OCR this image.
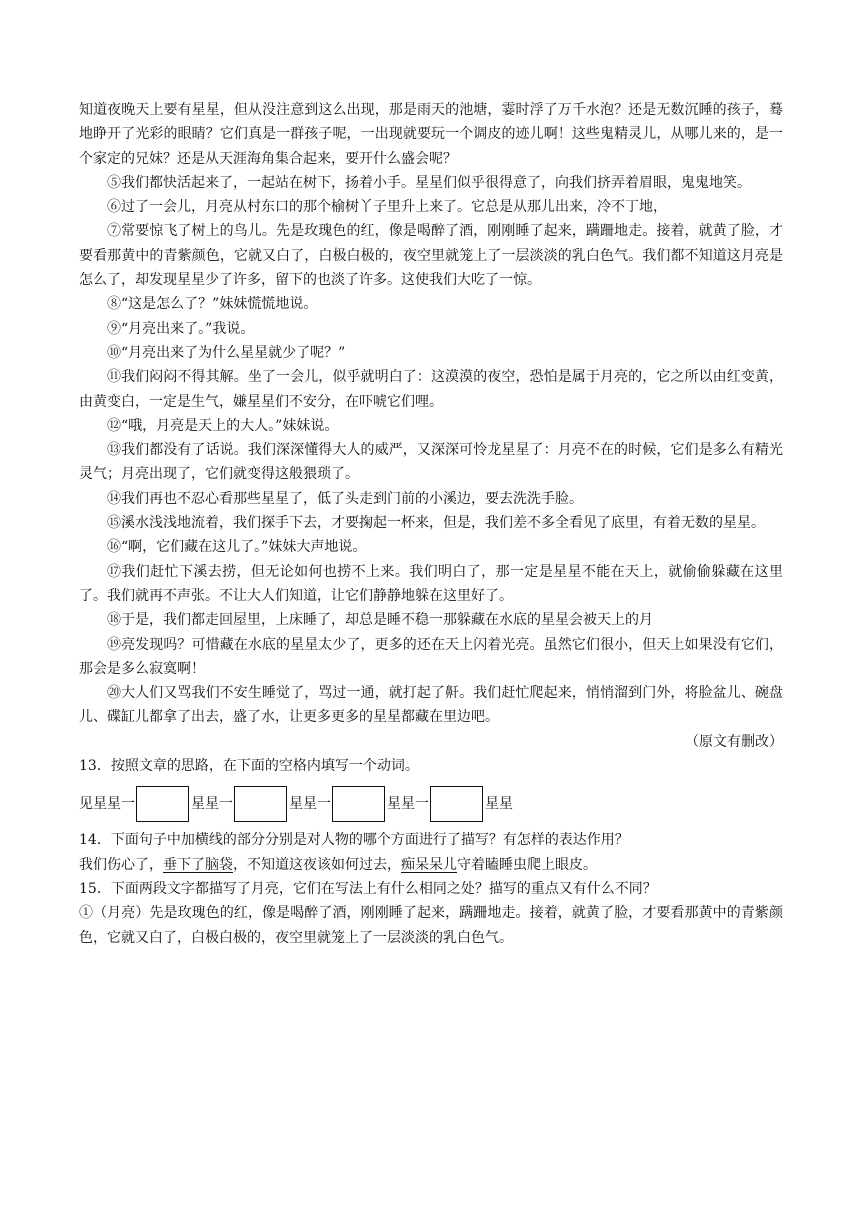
知道夜晚天上要有星星，但从没注意到这么出现，那是雨天的池塘，霎时浮了万千水泡？还是无数沉睡的孩子，蓦地睁开了光彩的眼睛？它们真是一群孩子呢，一出现就要玩一个调皮的迹儿啊！这些鬼精灵儿，从哪儿来的，是一个家定的兄妹？还是从天涯海角集合起来，要开什么盛会呢？

⑤我们都快活起来了，一起站在树下，扬着小手。星星们似乎很得意了，向我们挤弄着眉眼，鬼鬼地笑。

⑥过了一会儿，月亮从村东口的那个榆树丫子里升上来了。它总是从那儿出来，冷不丁地，

⑦常要惊飞了树上的鸟儿。先是玫瑰色的红，像是喝醉了酒，刚刚睡了起来，蹒跚地走。接着，就黄了脸，才要看那黄中的青紫颜色，它就又白了，白极白极的，夜空里就笼上了一层淡淡的乳白色气。我们都不知道这月亮是怎么了，却发现星星少了许多，留下的也淡了许多。这使我们大吃了一惊。

⑧“这是怎么了？”妹妹慌慌地说。

⑨“月亮出来了。”我说。

⑩“月亮出来了为什么星星就少了呢？”

⑪我们闷闷不得其解。坐了一会儿，似乎就明白了：这漠漠的夜空，恐怕是属于月亮的，它之所以由红变黄，由黄变白，一定是生气，嫌星星们不安分，在吓唬它们哩。

⑫“哦，月亮是天上的大人。”妹妹说。

⑬我们都没有了话说。我们深深懂得大人的威严，又深深可怜龙星星了：月亮不在的时候，它们是多么有精光灵气；月亮出现了，它们就变得这般猥琐了。

⑭我们再也不忍心看那些星星了，低了头走到门前的小溪边，要去洗洗手脸。

⑮溪水浅浅地流着，我们探手下去，才要掬起一杯来，但是，我们差不多全看见了底里，有着无数的星星。

⑯“啊，它们藏在这儿了。”妹妹大声地说。

⑰我们赶忙下溪去捞，但无论如何也捞不上来。我们明白了，那一定是星星不能在天上，就偷偷躲藏在这里了。我们就再不声张。不让大人们知道，让它们静静地躲在这里好了。

⑱于是，我们都走回屋里，上床睡了，却总是睡不稳一那躲藏在水底的星星会被天上的月

⑲亮发现吗？可惜藏在水底的星星太少了，更多的还在天上闪着光亮。虽然它们很小，但天上如果没有它们，那会是多么寂寞啊！

⑳大人们又骂我们不安生睡觉了，骂过一通，就打起了鼾。我们赶忙爬起来，悄悄溜到门外，将脸盆儿、碗盘儿、碟缸儿都拿了出去，盛了水，让更多更多的星星都藏在里边吧。

（原文有删改）

13．按照文章的思路，在下面的空格内填写一个动词。

见星星一	星星一	星星一	星星一	星星

14．下面句子中加横线的部分分别是对人物的哪个方面进行了描写？有怎样的表达作用？

我们伤心了，垂下了脑袋，不知道这夜该如何过去，痴呆呆儿守着瞌睡虫爬上眼皮。

15．下面两段文字都描写了月亮，它们在写法上有什么相同之处？描写的重点又有什么不同？

①（月亮）先是玫瑰色的红，像是喝醉了酒，刚刚睡了起来，蹒跚地走。接着，就黄了脸，才要看那黄中的青紫颜色，它就又白了，白极白极的，夜空里就笼上了一层淡淡的乳白色气。
